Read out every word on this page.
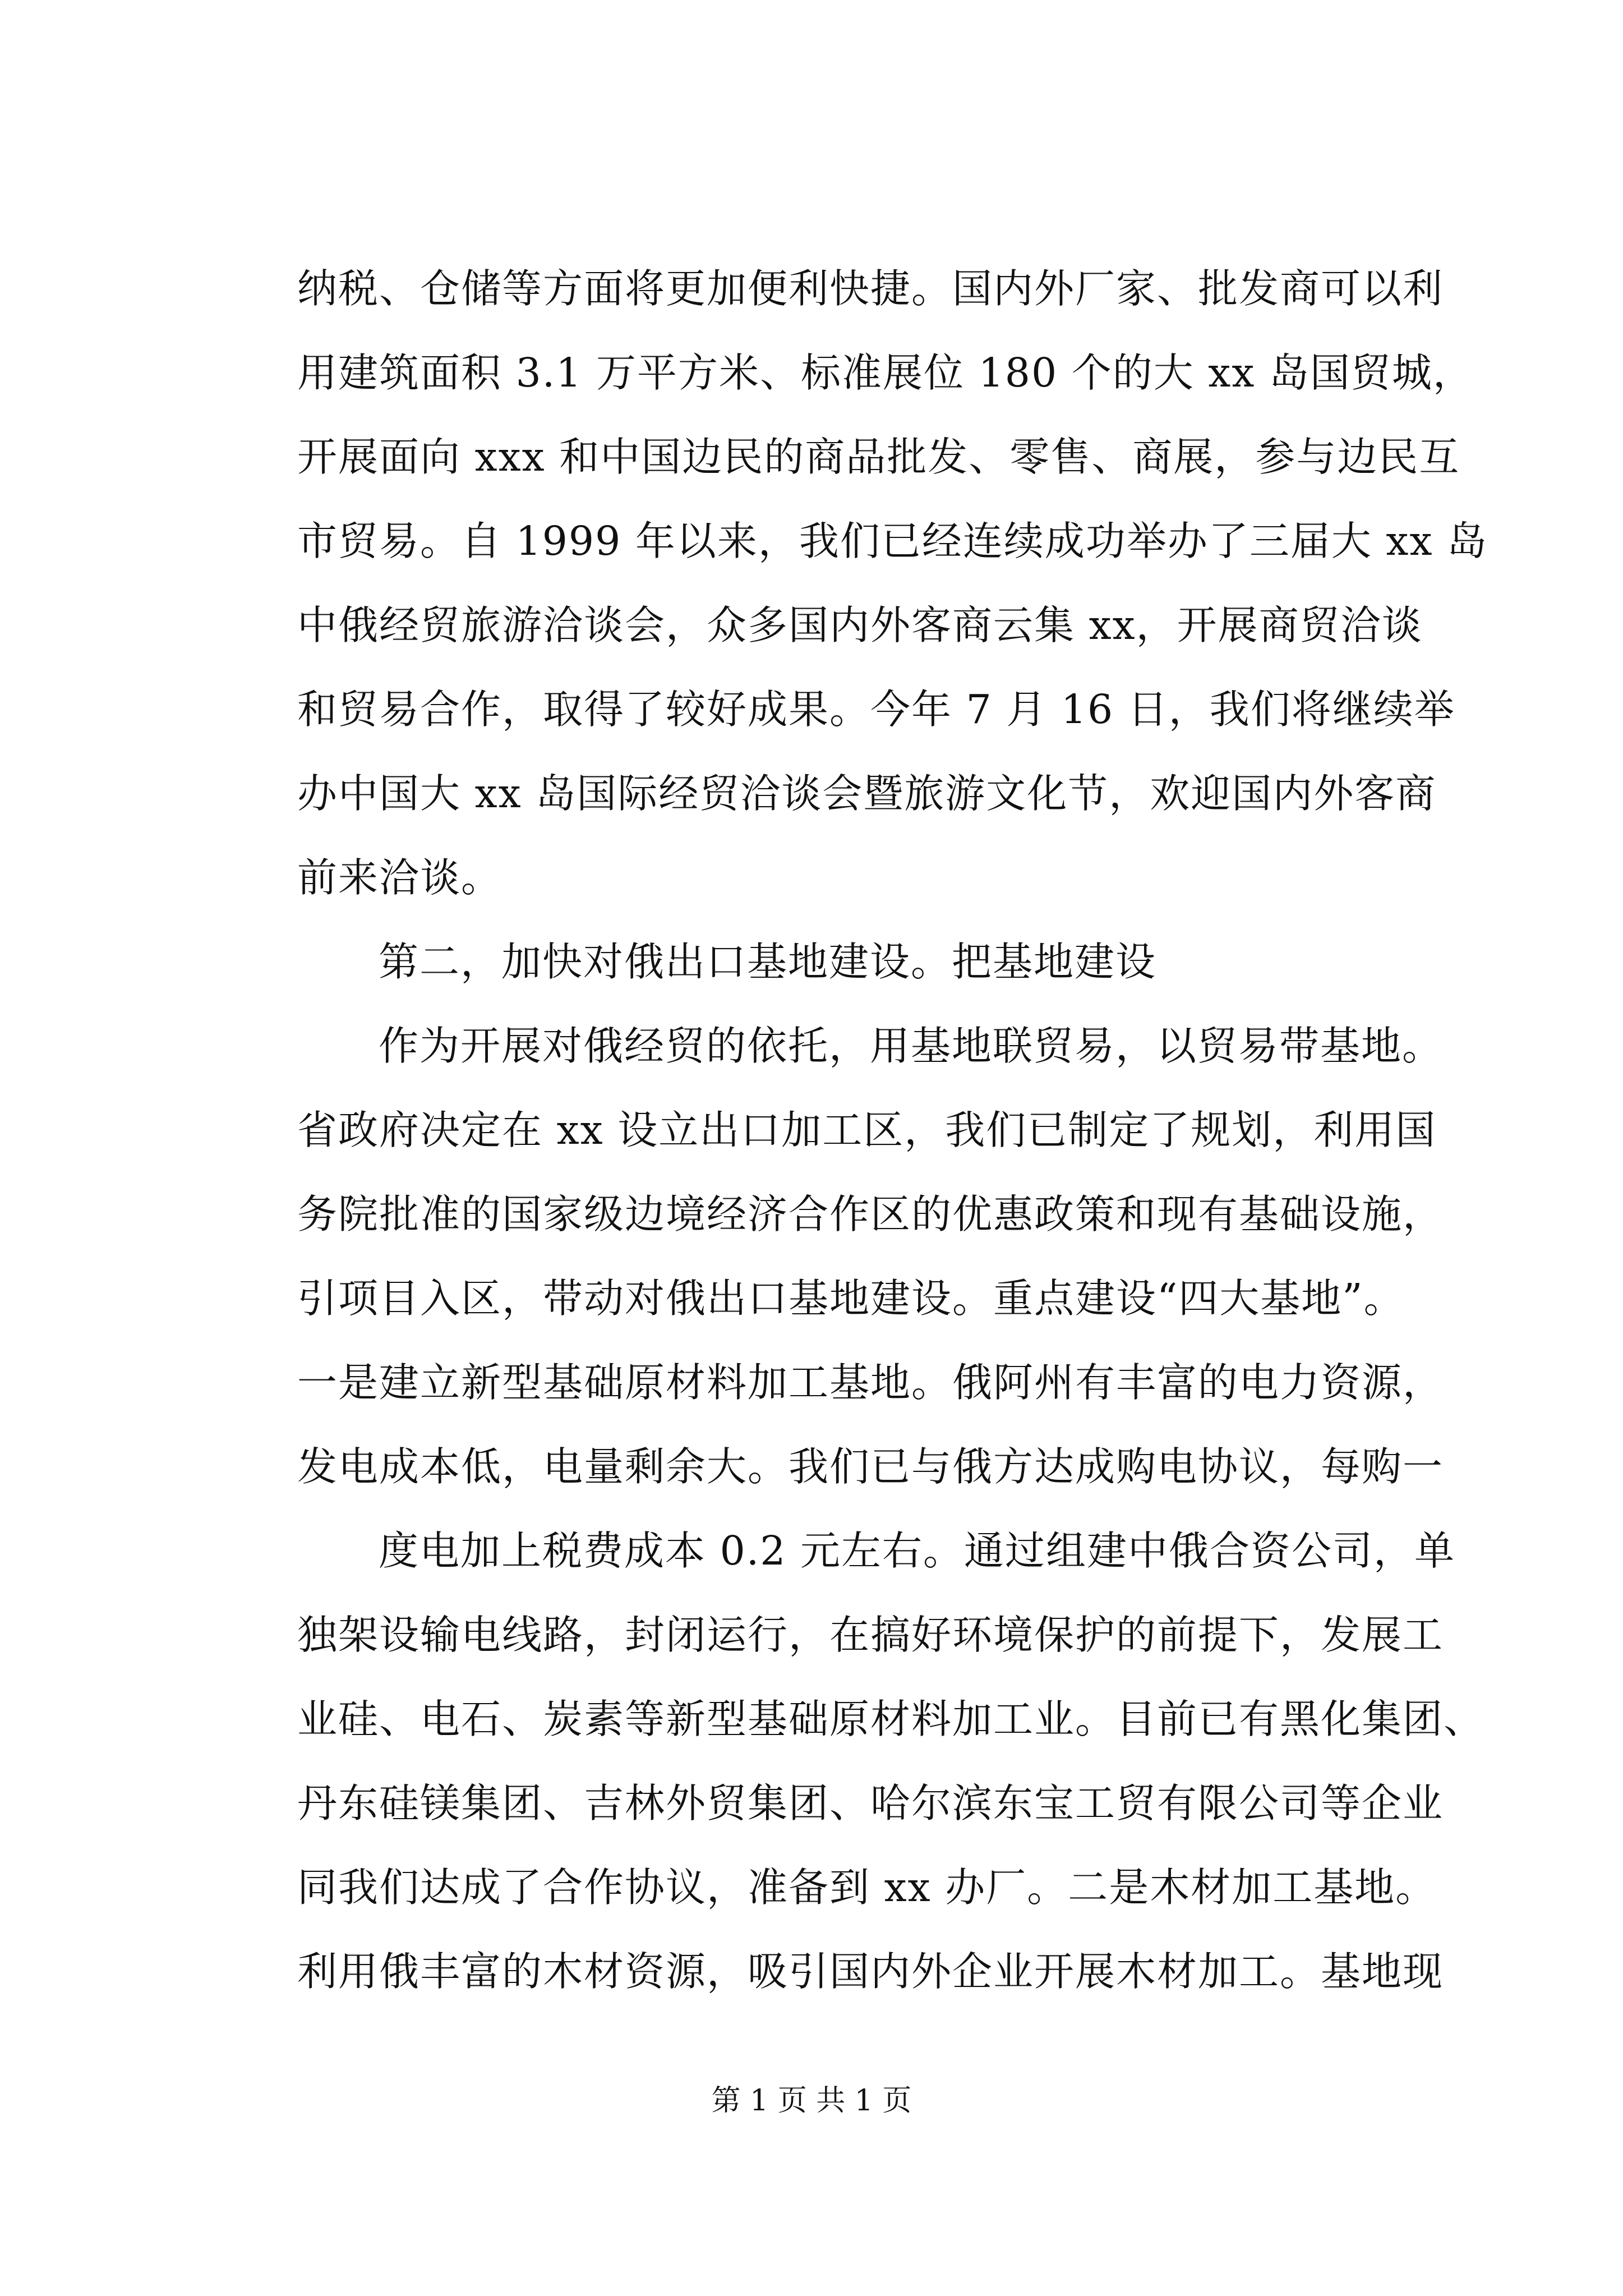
纳税、仓储等方面将更加便利快捷。国内外厂家、批发商可以利
用建筑面积 3.1 万平方米、标准展位 180 个的大 xx 岛国贸城，
开展面向 xxx 和中国边民的商品批发、零售、商展，参与边民互
市贸易。自 1999 年以来，我们已经连续成功举办了三届大 xx 岛
中俄经贸旅游洽谈会，众多国内外客商云集 xx，开展商贸洽谈
和贸易合作，取得了较好成果。今年 7 月 16 日，我们将继续举
办中国大 xx 岛国际经贸洽谈会暨旅游文化节，欢迎国内外客商
前来洽谈。
第二，加快对俄出口基地建设。把基地建设
作为开展对俄经贸的依托，用基地联贸易，以贸易带基地。
省政府决定在 xx 设立出口加工区，我们已制定了规划，利用国
务院批准的国家级边境经济合作区的优惠政策和现有基础设施，
引项目入区，带动对俄出口基地建设。重点建设“四大基地”。
一是建立新型基础原材料加工基地。俄阿州有丰富的电力资源，
发电成本低，电量剩余大。我们已与俄方达成购电协议，每购一
度电加上税费成本 0.2 元左右。通过组建中俄合资公司，单
独架设输电线路，封闭运行，在搞好环境保护的前提下，发展工
业硅、电石、炭素等新型基础原材料加工业。目前已有黑化集团、
丹东硅镁集团、吉林外贸集团、哈尔滨东宝工贸有限公司等企业
同我们达成了合作协议，准备到 xx 办厂。二是木材加工基地。
利用俄丰富的木材资源，吸引国内外企业开展木材加工。基地现
第 1 页 共 1 页
